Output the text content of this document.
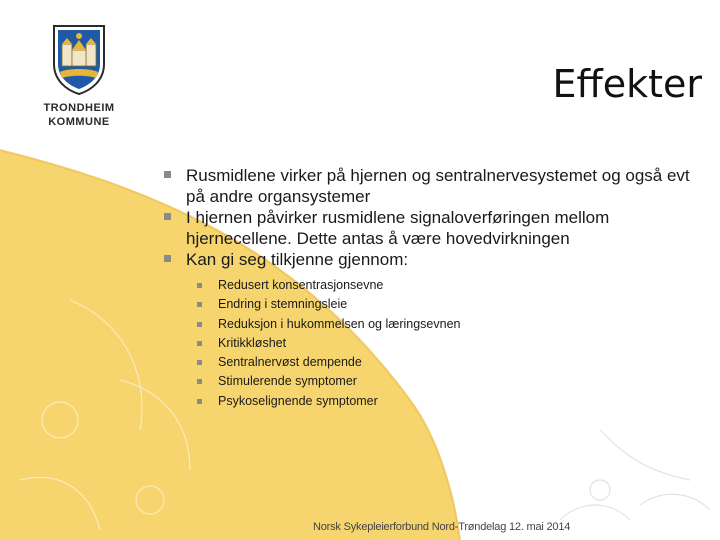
TRONDHEIM
KOMMUNE
Effekter
Rusmidlene virker på hjernen og sentralnervesystemet og også evt på andre organsystemer
I hjernen påvirker rusmidlene signaloverføringen mellom hjernecellene. Dette antas å være hovedvirkningen
Kan gi seg tilkjenne gjennom:
Redusert konsentrasjonsevne
Endring i stemningsleie
Reduksjon i hukommelsen og læringsevnen
Kritikkløshet
Sentralnervøst dempende
Stimulerende symptomer
Psykoselignende symptomer
Norsk Sykepleierforbund Nord-Trøndelag 12. mai 2014
